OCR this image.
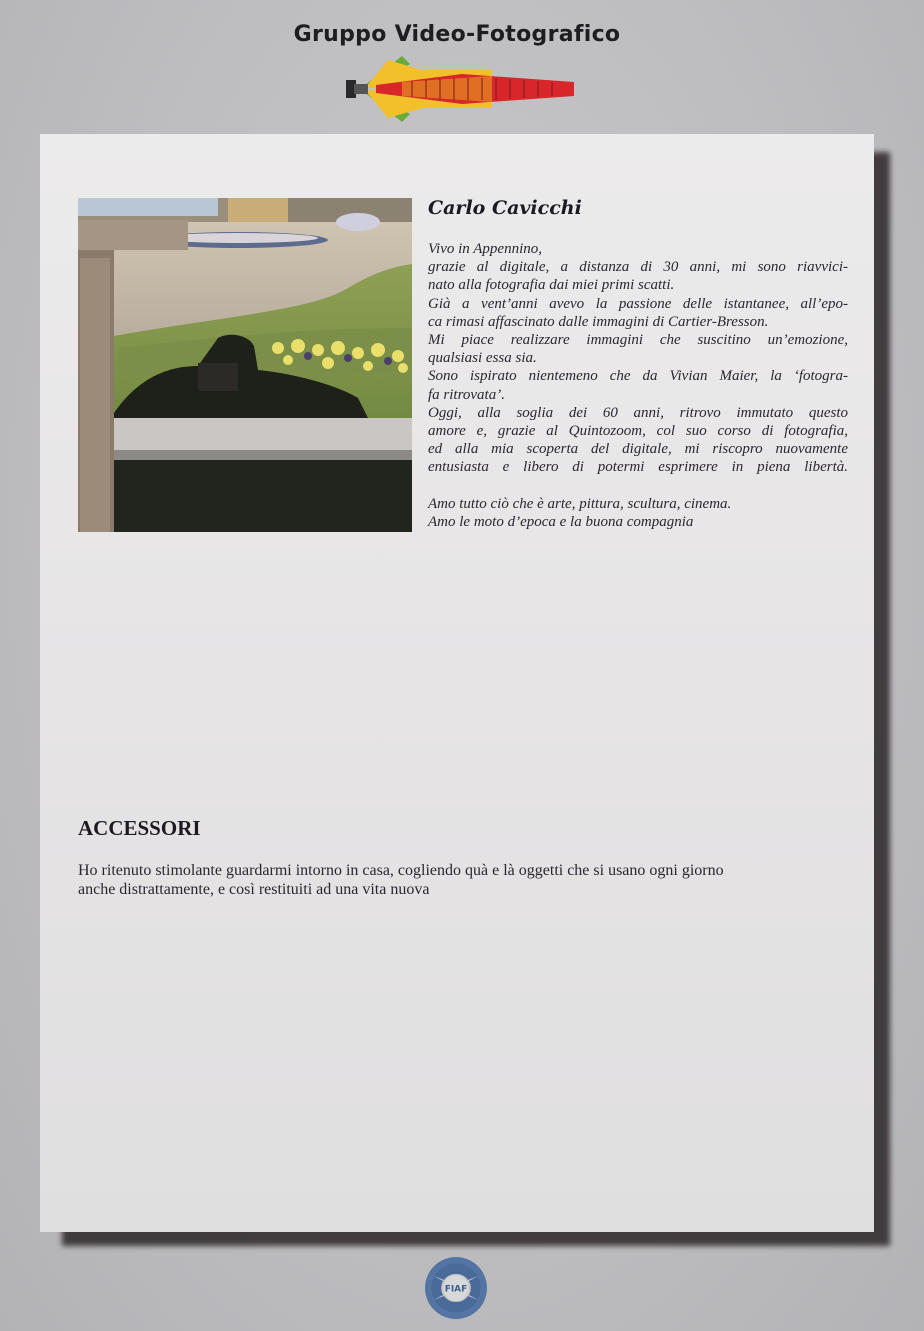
Gruppo Video-Fotografico
Carlo Cavicchi
Vivo in Appennino,
grazie al digitale, a distanza di 30 anni, mi sono riavvici-
nato alla fotografia dai miei primi scatti.
Già a vent’anni avevo la passione delle istantanee, all’epo-
ca rimasi affascinato dalle immagini di Cartier-Bresson.
Mi piace realizzare immagini che suscitino un’emozione,
qualsiasi essa sia.
Sono ispirato nientemeno che da Vivian Maier, la ‘fotogra-
fa ritrovata’.
Oggi, alla soglia dei 60 anni, ritrovo immutato questo
amore e, grazie al Quintozoom, col suo corso di fotografia,
ed alla mia scoperta del digitale, mi riscopro nuovamente
entusiasta e libero di potermi esprimere in piena libertà.
Amo tutto ciò che è arte, pittura, scultura, cinema.
Amo le moto d’epoca e la buona compagnia
ACCESSORI
Ho ritenuto stimolante guardarmi intorno in casa, cogliendo quà e là oggetti che si usano ogni giorno
anche distrattamente, e così restituiti ad una vita nuova
FIAF
